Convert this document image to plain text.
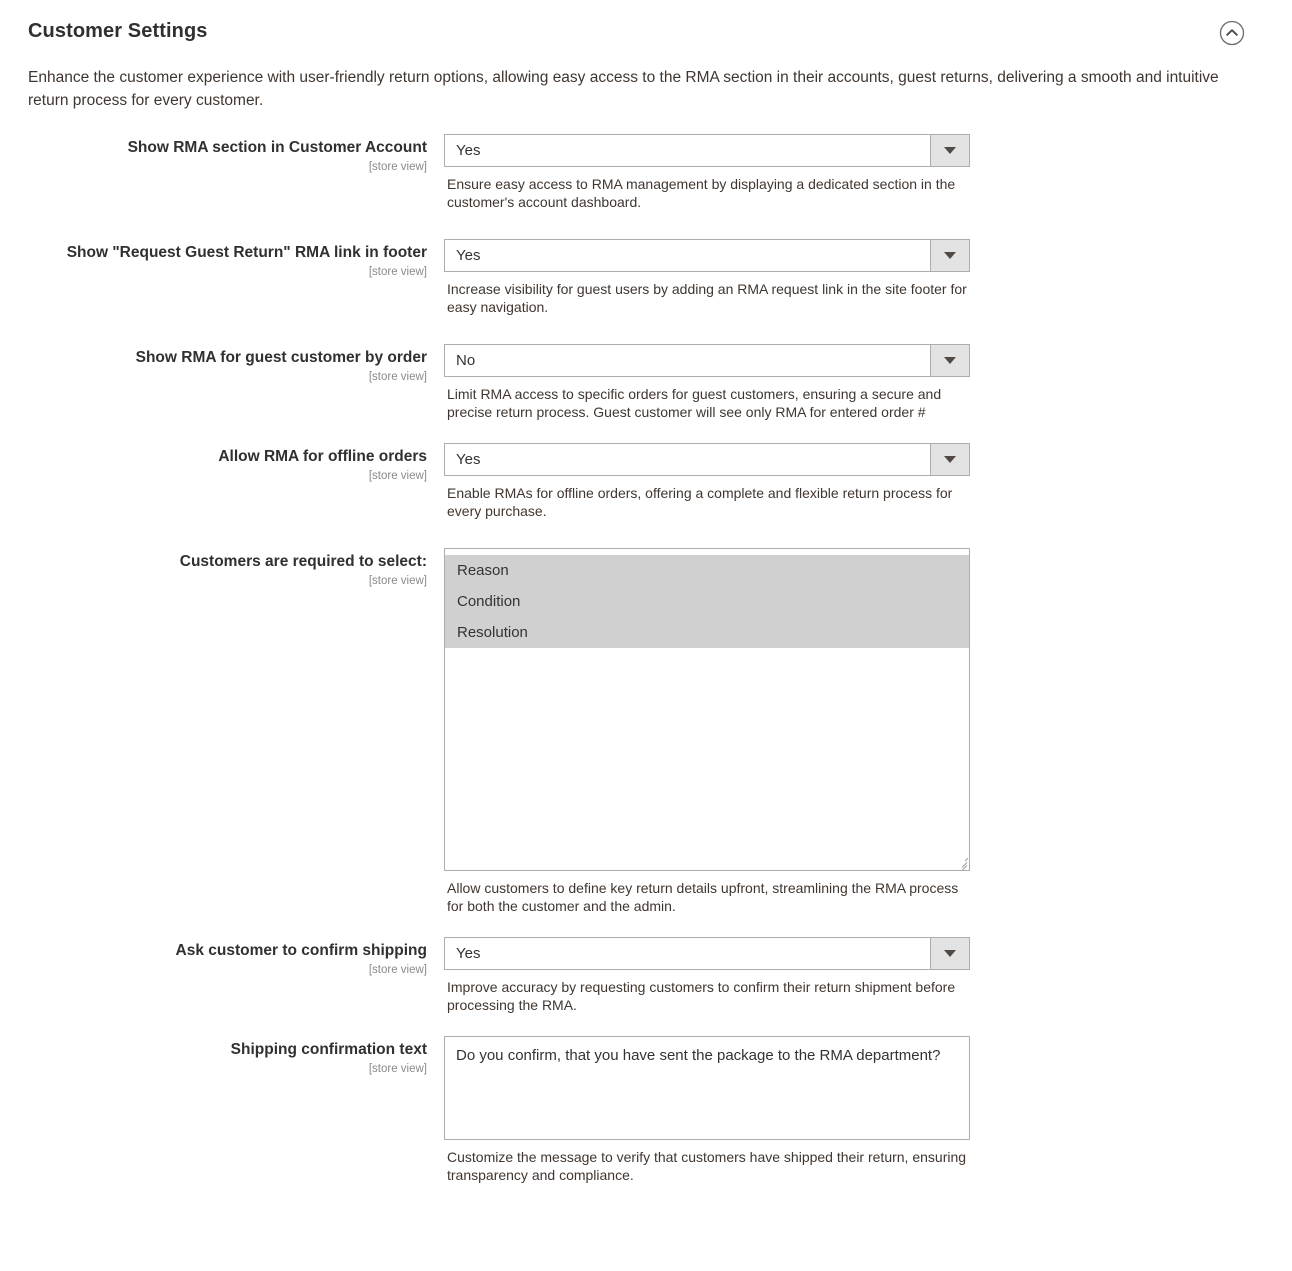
Customer Settings
Enhance the customer experience with user-friendly return options, allowing easy access to the RMA section in their accounts, guest returns, delivering a smooth and intuitive return process for every customer.
Show RMA section in Customer Account
[store view]
Yes
Ensure easy access to RMA management by displaying a dedicated section in the customer's account dashboard.
Show "Request Guest Return" RMA link in footer
[store view]
Yes
Increase visibility for guest users by adding an RMA request link in the site footer for easy navigation.
Show RMA for guest customer by order
[store view]
No
Limit RMA access to specific orders for guest customers, ensuring a secure and precise return process. Guest customer will see only RMA for entered order #
Allow RMA for offline orders
[store view]
Yes
Enable RMAs for offline orders, offering a complete and flexible return process for every purchase.
Customers are required to select:
[store view]
Reason
Condition
Resolution
Allow customers to define key return details upfront, streamlining the RMA process for both the customer and the admin.
Ask customer to confirm shipping
[store view]
Yes
Improve accuracy by requesting customers to confirm their return shipment before processing the RMA.
Shipping confirmation text
[store view]
Do you confirm, that you have sent the package to the RMA department?
Customize the message to verify that customers have shipped their return, ensuring transparency and compliance.
